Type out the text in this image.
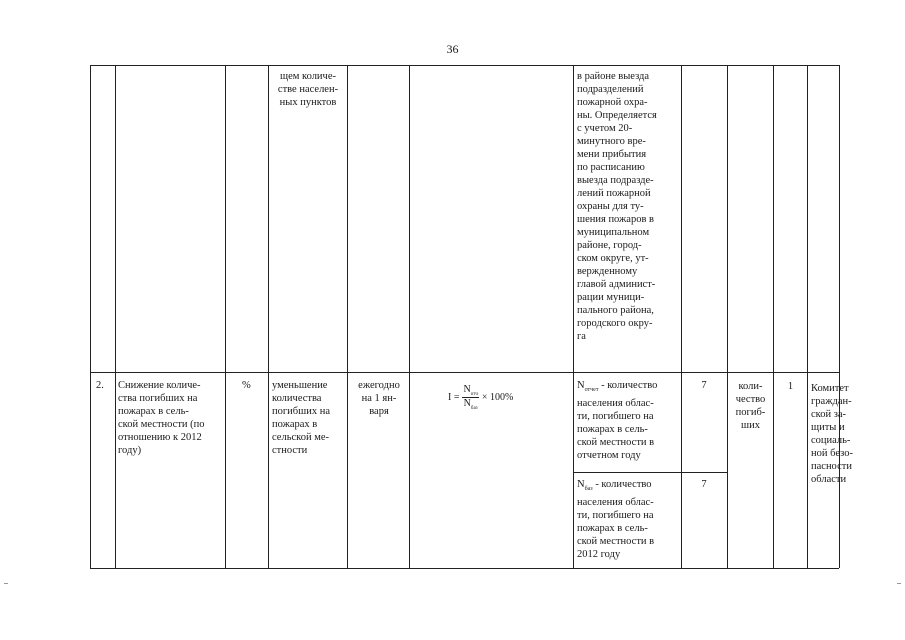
36
щем количе-
стве населен-
ных пунктов
в районе выезда
подразделений
пожарной охра-
ны. Определяется
с учетом 20-
минутного вре-
мени прибытия
по расписанию
выезда подразде-
лений пожарной
охраны для ту-
шения пожаров в
муниципальном
районе, город-
ском округе, ут-
вержденному
главой админист-
рации муници-
пального района,
городского окру-
га
2. Снижение количе-
ства погибших на
пожарах в сель-
ской местности (по
отношению к 2012
году)
% уменьшение
количества
погибших на
пожарах в
сельской ме-
стности
ежегодно
на 1 ян-
варя
$I = \frac{N_{отч}}{N_{баз}} \times 100\%$
$N_{отчет}$ - количество
населения облас-
ти, погибшего на
пожарах в сель-
ской местности в
отчетном году
7
$N_{баз}$ - количество
населения облас-
ти, погибшего на
пожарах в сель-
ской местности в
2012 году
7
коли-
чество
погиб-
ших
1	Комитет
граждан-
ской за-
щиты и
социаль-
ной безо-
пасности
области
